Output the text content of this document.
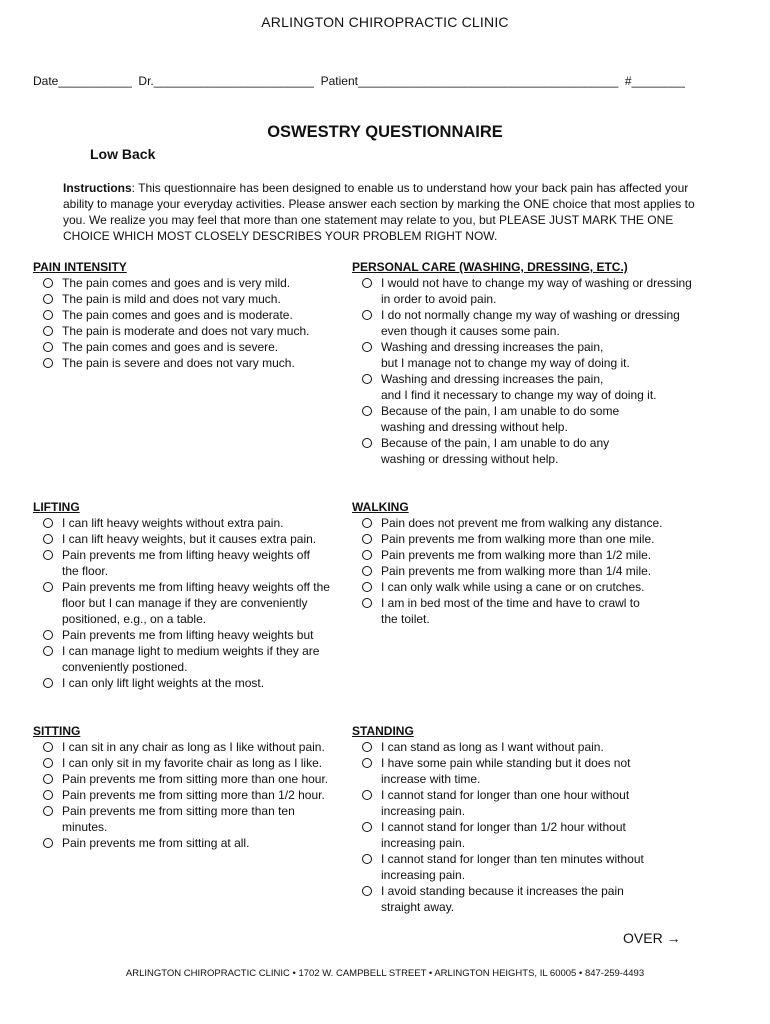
ARLINGTON CHIROPRACTIC CLINIC
Date___________  Dr.________________________  Patient_______________________________________  #________
OSWESTRY QUESTIONNAIRE
Low Back
Instructions: This questionnaire has been designed to enable us to understand how your back pain has affected your ability to manage your everyday activities. Please answer each section by marking the ONE choice that most applies to you. We realize you may feel that more than one statement may relate to you, but PLEASE JUST MARK THE ONE CHOICE WHICH MOST CLOSELY DESCRIBES YOUR PROBLEM RIGHT NOW.
PAIN INTENSITY
The pain comes and goes and is very mild.
The pain is mild and does not vary much.
The pain comes and goes and is moderate.
The pain is moderate and does not vary much.
The pain comes and goes and is severe.
The pain is severe and does not vary much.
PERSONAL CARE (WASHING, DRESSING, ETC.)
I would not have to change my way of washing or dressing
in order to avoid pain.
I do not normally change my way of washing or dressing
even though it causes some pain.
Washing and dressing increases the pain,
but I manage not to change my way of doing it.
Washing and dressing increases the pain,
and I find it necessary to change my way of doing it.
Because of the pain, I am unable to do some
washing and dressing without help.
Because of the pain, I am unable to do any
washing or dressing without help.
LIFTING
I can lift heavy weights without extra pain.
I can lift heavy weights, but it causes extra pain.
Pain prevents me from lifting heavy weights off
the floor.
Pain prevents me from lifting heavy weights off the
floor but I can manage if they are conveniently
positioned, e.g., on a table.
Pain prevents me from lifting heavy weights but
I can manage light to medium weights if they are
conveniently postioned.
I can only lift light weights at the most.
WALKING
Pain does not prevent me from walking any distance.
Pain prevents me from walking more than one mile.
Pain prevents me from walking more than 1/2 mile.
Pain prevents me from walking more than 1/4 mile.
I can only walk while using a cane or on crutches.
I am in bed most of the time and have to crawl to
the toilet.
SITTING
I can sit in any chair as long as I like without pain.
I can only sit in my favorite chair as long as I like.
Pain prevents me from sitting more than one hour.
Pain prevents me from sitting more than 1/2 hour.
Pain prevents me from sitting more than ten
minutes.
Pain prevents me from sitting at all.
STANDING
I can stand as long as I want without pain.
I have some pain while standing but it does not
increase with time.
I cannot stand for longer than one hour without
increasing pain.
I cannot stand for longer than 1/2 hour without
increasing pain.
I cannot stand for longer than ten minutes without
increasing pain.
I avoid standing because it increases the pain
straight away.
OVER →
ARLINGTON CHIROPRACTIC CLINIC • 1702 W. CAMPBELL STREET • ARLINGTON HEIGHTS, IL 60005 • 847-259-4493
